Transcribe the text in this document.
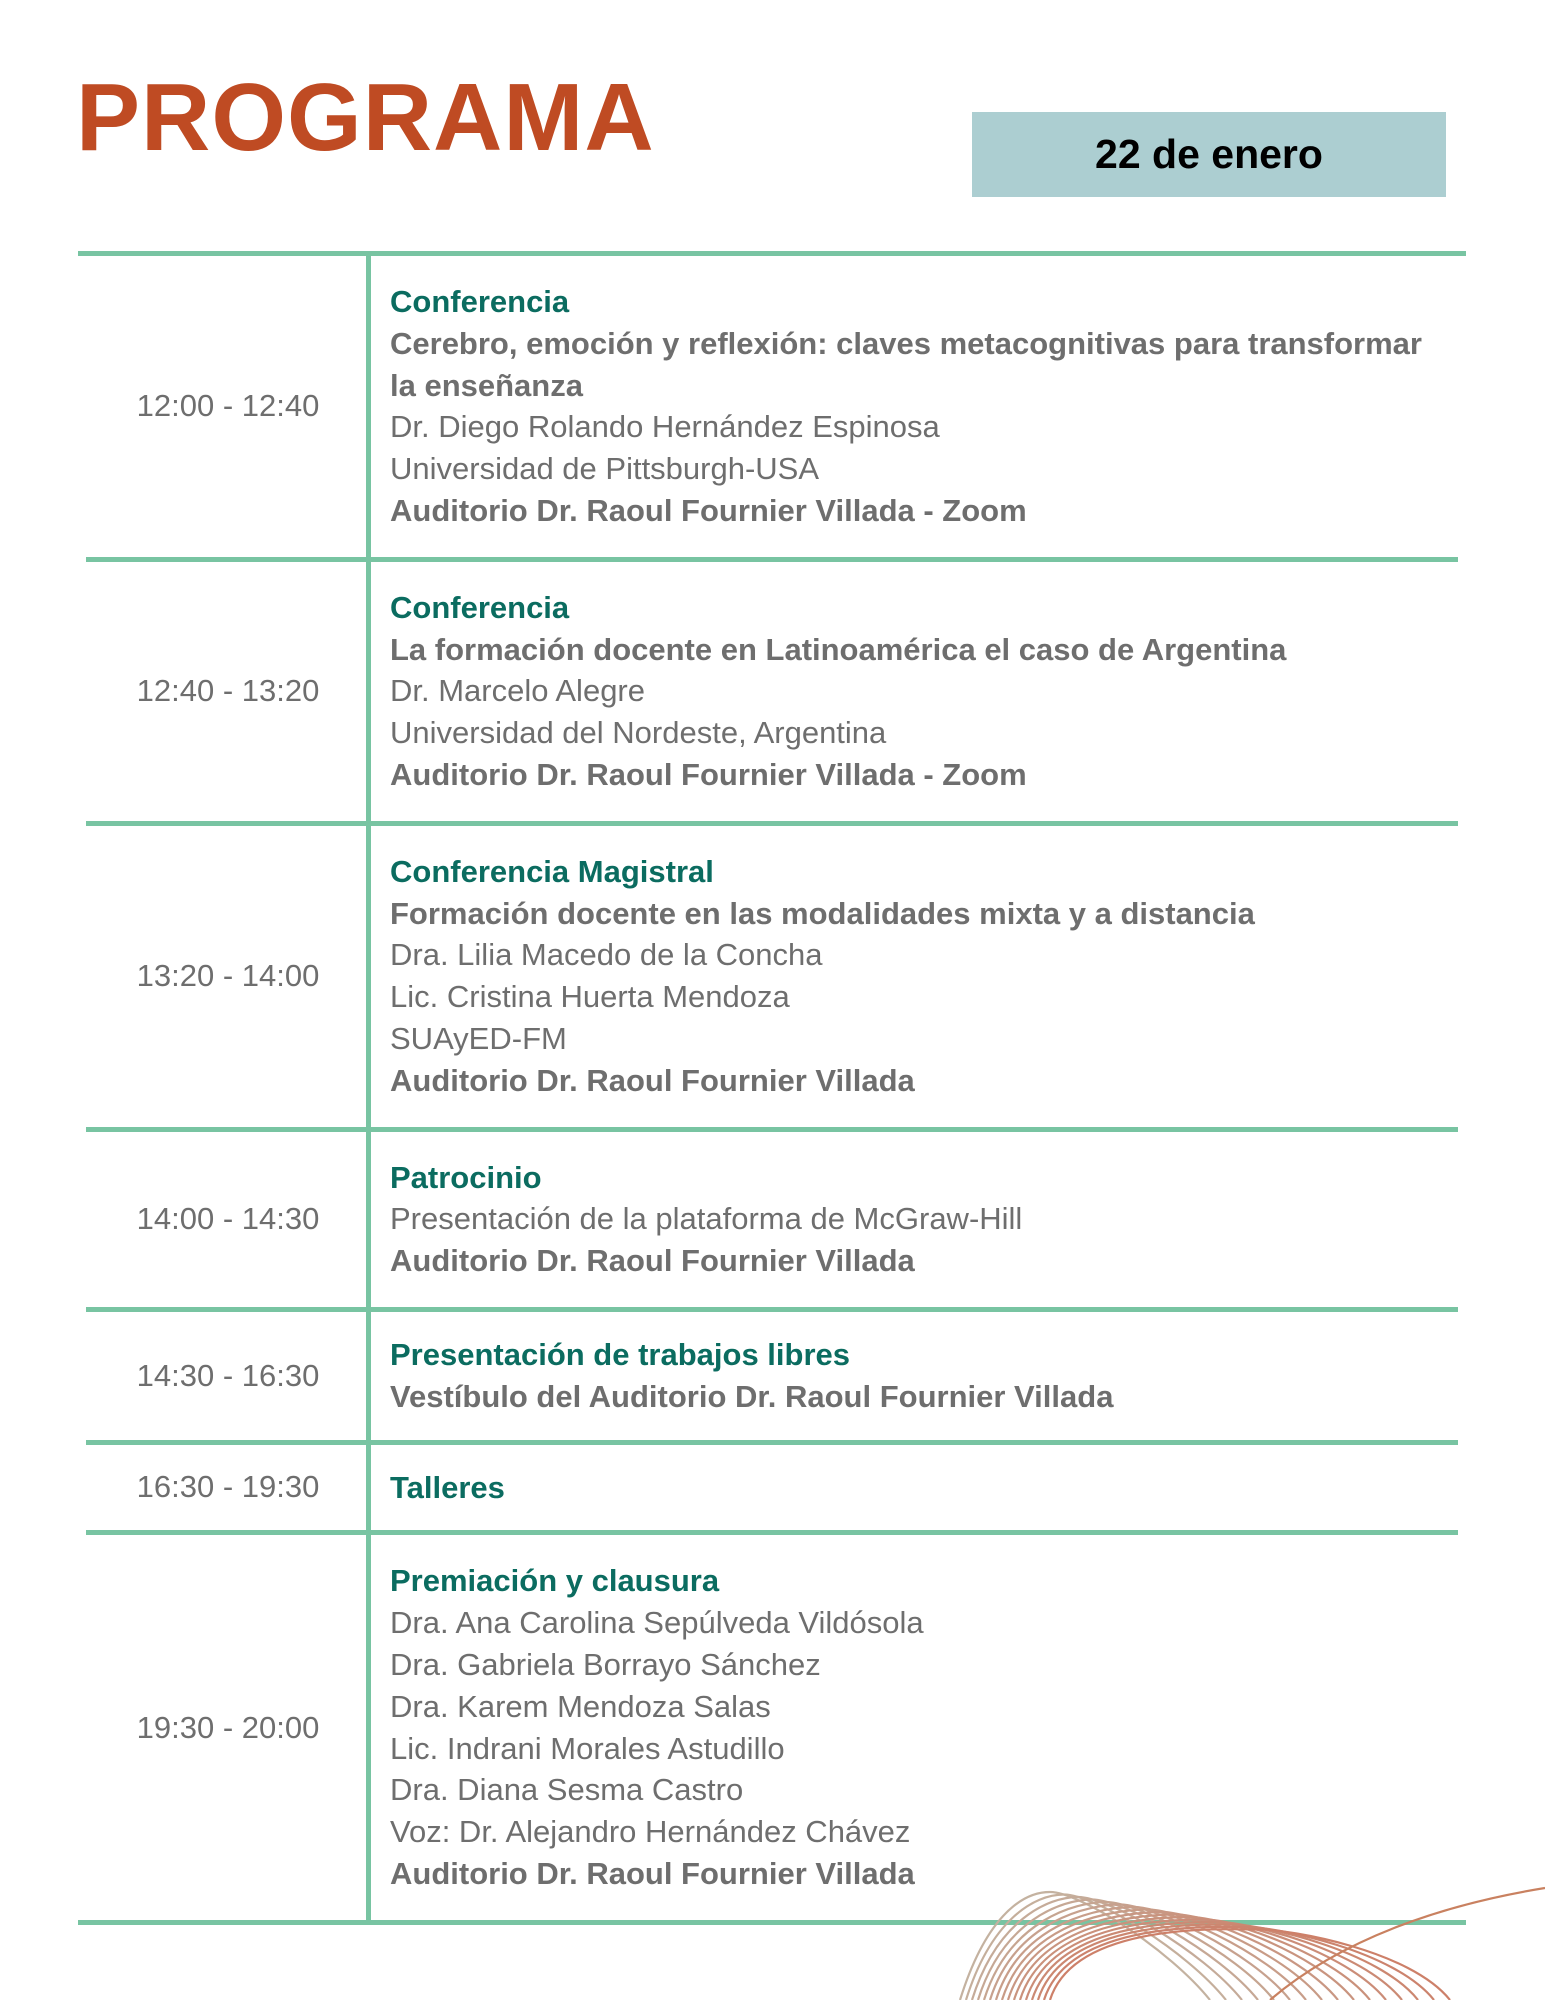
PROGRAMA	22 de enero
12:00 - 12:40
Conferencia
Cerebro, emoción y reflexión: claves metacognitivas para transformar la enseñanza
Dr. Diego Rolando Hernández Espinosa
Universidad de Pittsburgh-USA
Auditorio Dr. Raoul Fournier Villada - Zoom
12:40 - 13:20
Conferencia
La formación docente en Latinoamérica el caso de Argentina
Dr. Marcelo Alegre
Universidad del Nordeste, Argentina
Auditorio Dr. Raoul Fournier Villada - Zoom
13:20 - 14:00
Conferencia Magistral
Formación docente en las modalidades mixta y a distancia
Dra. Lilia Macedo de la Concha
Lic. Cristina Huerta Mendoza
SUAyED-FM
Auditorio Dr. Raoul Fournier Villada
14:00 - 14:30
Patrocinio
Presentación de la plataforma de McGraw-Hill
Auditorio Dr. Raoul Fournier Villada
14:30 - 16:30
Presentación de trabajos libres
Vestíbulo del Auditorio Dr. Raoul Fournier Villada
16:30 - 19:30	Talleres
19:30 - 20:00
Premiación y clausura
Dra. Ana Carolina Sepúlveda Vildósola
Dra. Gabriela Borrayo Sánchez
Dra. Karem Mendoza Salas
Lic. Indrani Morales Astudillo
Dra. Diana Sesma Castro
Voz: Dr. Alejandro Hernández Chávez
Auditorio Dr. Raoul Fournier Villada
